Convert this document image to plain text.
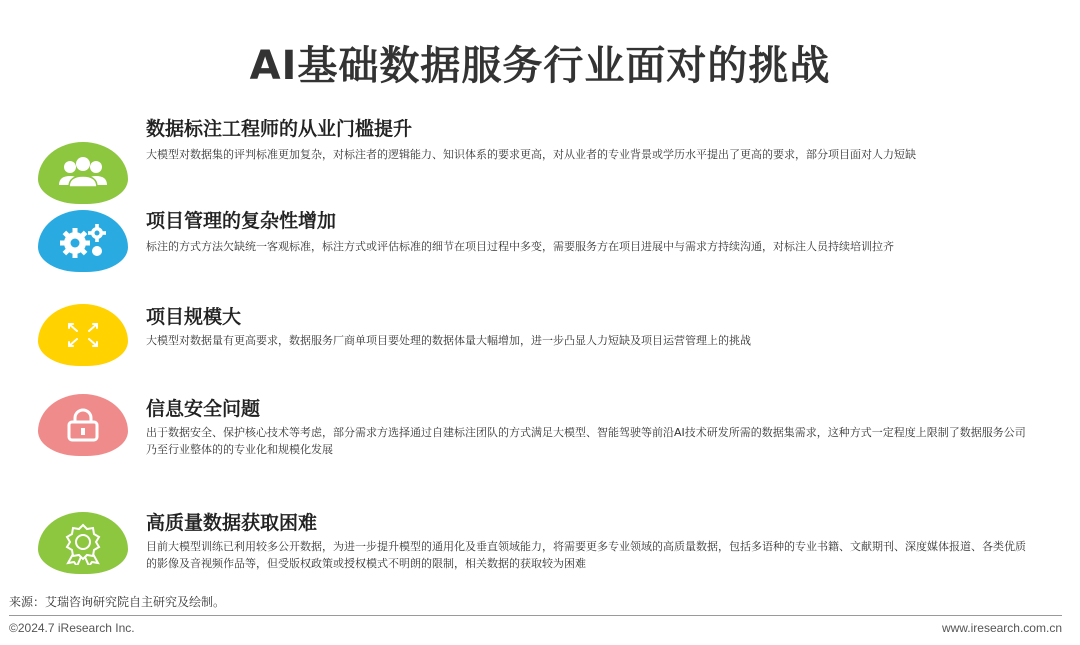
AI基础数据服务行业面对的挑战
数据标注工程师的从业门槛提升
大模型对数据集的评判标准更加复杂，对标注者的逻辑能力、知识体系的要求更高，对从业者的专业背景或学历水平提出了更高的要求，部分项目面对人力短缺
项目管理的复杂性增加
标注的方式方法欠缺统一客观标准，标注方式或评估标准的细节在项目过程中多变，需要服务方在项目进展中与需求方持续沟通，对标注人员持续培训拉齐
项目规模大
大模型对数据量有更高要求，数据服务厂商单项目要处理的数据体量大幅增加，进一步凸显人力短缺及项目运营管理上的挑战
信息安全问题
出于数据安全、保护核心技术等考虑，部分需求方选择通过自建标注团队的方式满足大模型、智能驾驶等前沿AI技术研发所需的数据集需求，这种方式一定程度上限制了数据服务公司乃至行业整体的的专业化和规模化发展
高质量数据获取困难
目前大模型训练已利用较多公开数据，为进一步提升模型的通用化及垂直领域能力，将需要更多专业领域的高质量数据，包括多语种的专业书籍、文献期刊、深度媒体报道、各类优质的影像及音视频作品等，但受版权政策或授权模式不明朗的限制，相关数据的获取较为困难
来源：艾瑞咨询研究院自主研究及绘制。
©2024.7 iResearch Inc.	www.iresearch.com.cn
